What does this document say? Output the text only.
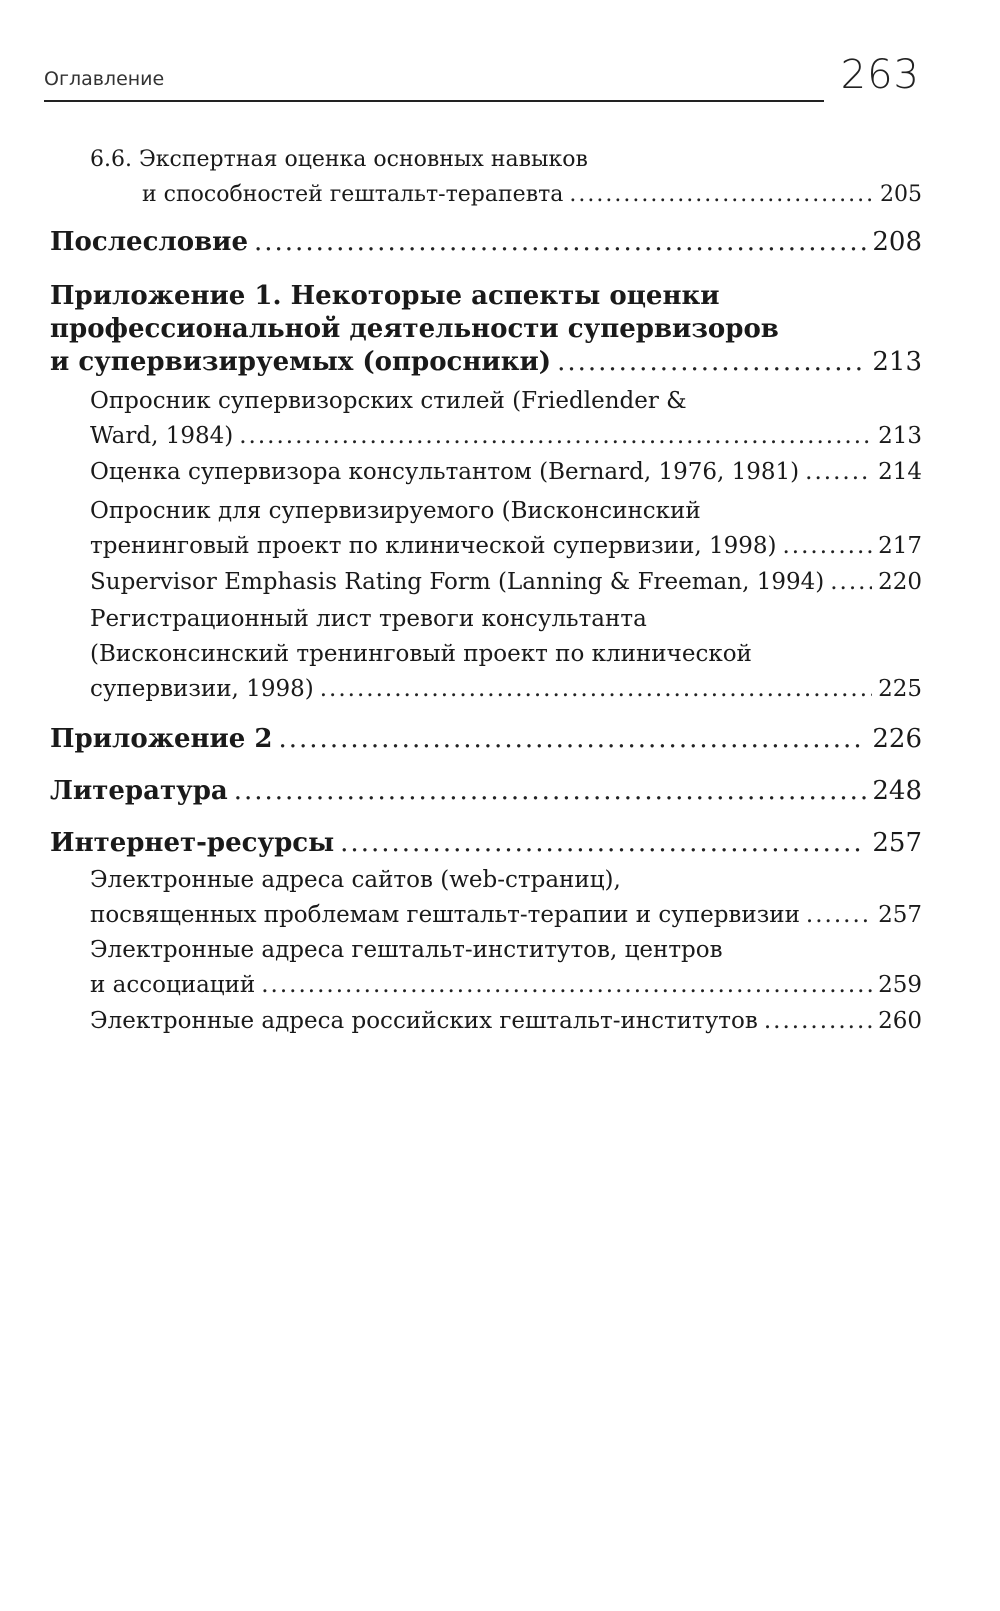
Оглавление	263
6.6. Экспертная оценка основных навыков
и способностей гештальт-терапевта .....	205
Послесловие .....	208
Приложение 1. Некоторые аспекты оценки
профессиональной деятельности супервизоров
и супервизируемых (опросники) .....	213
Опросник супервизорских стилей (Friedlender &
Ward, 1984) .....	213
Оценка супервизора консультантом (Bernard, 1976, 1981) .....	214
Опросник для супервизируемого (Висконсинский
тренинговый проект по клинической супервизии, 1998) .....	217
Supervisor Emphasis Rating Form (Lanning & Freeman, 1994) ..... 220
Регистрационный лист тревоги консультанта
(Висконсинский тренинговый проект по клинической
супервизии, 1998) .....	225
Приложение 2 .....	226
Литература .....	248
Интернет-ресурсы .....	257
Электронные адреса сайтов (web-страниц),
посвященных проблемам гештальт-терапии и супервизии .....	257
Электронные адреса гештальт-институтов, центров
и ассоциаций .....	259
Электронные адреса российских гештальт-институтов .....	260
